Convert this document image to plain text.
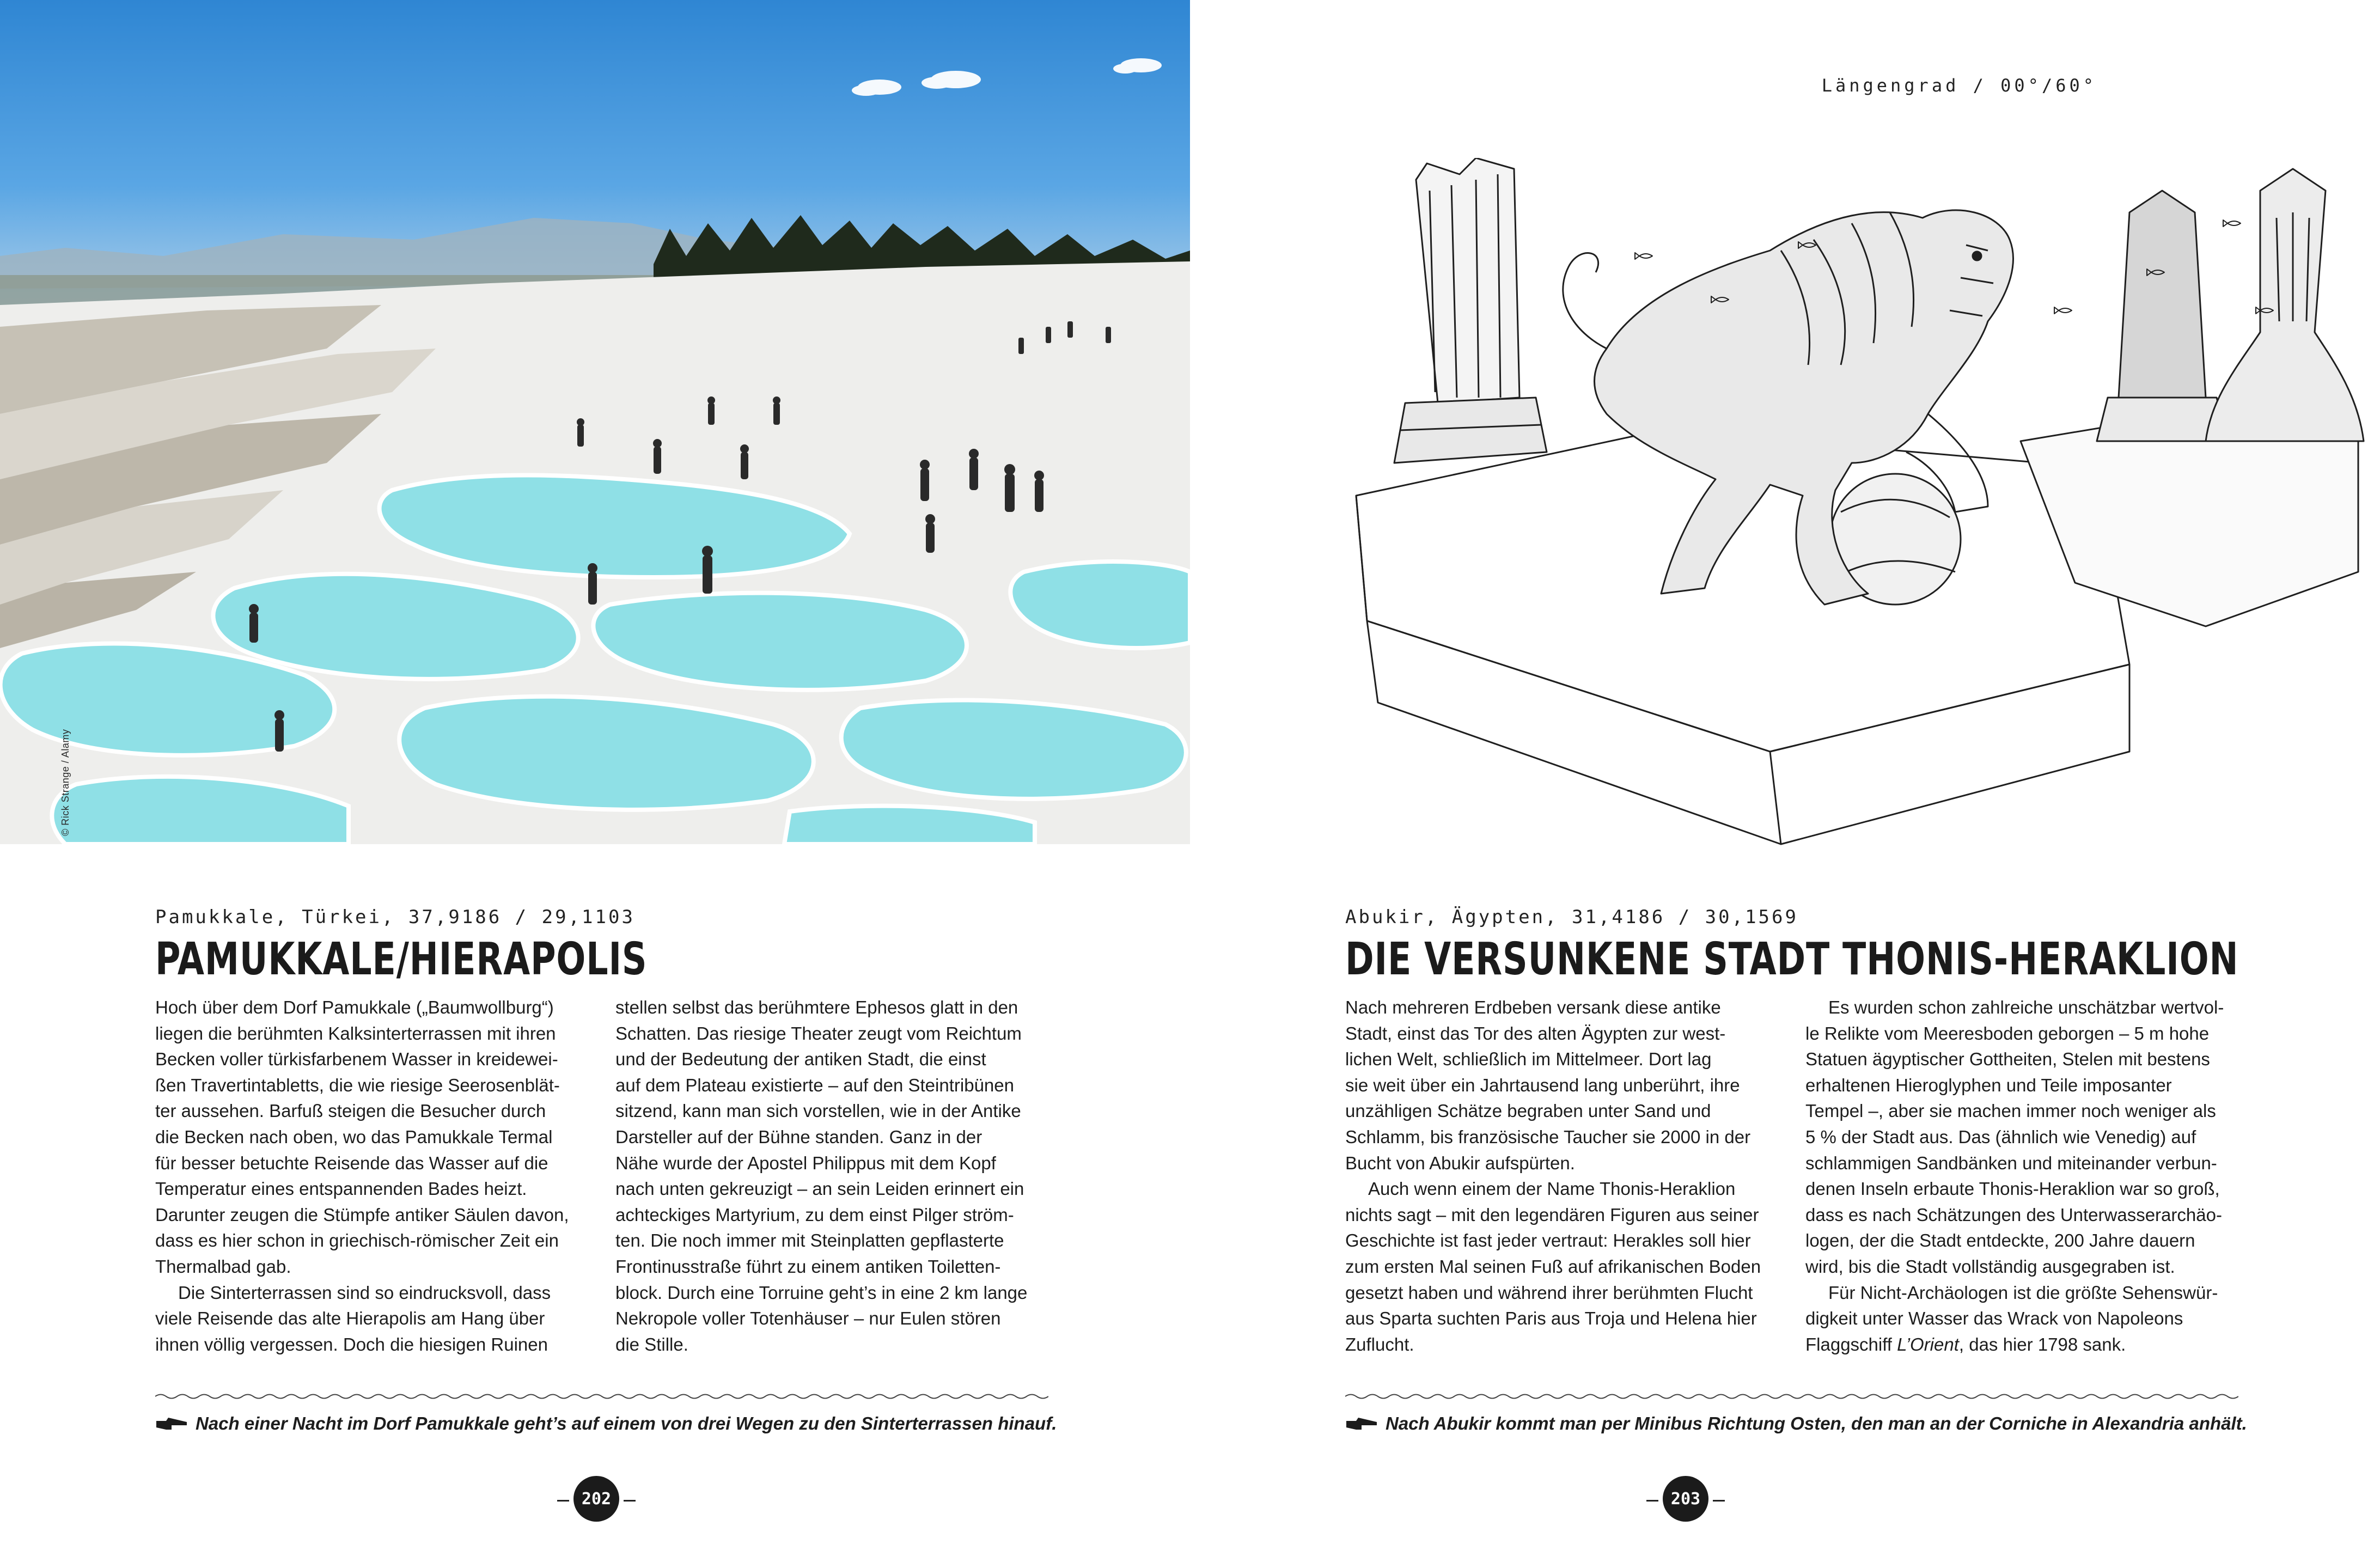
© Rick Strange / Alamy
Pamukkale, Türkei, 37,9186 / 29,1103
PAMUKKALE/HIERAPOLIS
Hoch über dem Dorf Pamukkale („Baumwollburg“)
liegen die berühmten Kalksinterterrassen mit ihren
Becken voller türkisfarbenem Wasser in kreidewei-
ßen Travertintabletts, die wie riesige Seerosenblät-
ter aussehen. Barfuß steigen die Besucher durch
die Becken nach oben, wo das Pamukkale Termal
für besser betuchte Reisende das Wasser auf die
Temperatur eines entspannenden Bades heizt.
Darunter zeugen die Stümpfe antiker Säulen davon,
dass es hier schon in griechisch-römischer Zeit ein
Thermalbad gab.
Die Sinterterrassen sind so eindrucksvoll, dass
viele Reisende das alte Hierapolis am Hang über
ihnen völlig vergessen. Doch die hiesigen Ruinen
stellen selbst das berühmtere Ephesos glatt in den
Schatten. Das riesige Theater zeugt vom Reichtum
und der Bedeutung der antiken Stadt, die einst
auf dem Plateau existierte – auf den Steintribünen
sitzend, kann man sich vorstellen, wie in der Antike
Darsteller auf der Bühne standen. Ganz in der
Nähe wurde der Apostel Philippus mit dem Kopf
nach unten gekreuzigt – an sein Leiden erinnert ein
achteckiges Martyrium, zu dem einst Pilger ström-
ten. Die noch immer mit Steinplatten gepflasterte
Frontinusstraße führt zu einem antiken Toiletten-
block. Durch eine Torruine geht’s in eine 2 km lange
Nekropole voller Totenhäuser – nur Eulen stören
die Stille.
Nach einer Nacht im Dorf Pamukkale geht’s auf einem von drei Wegen zu den Sinterterrassen hinauf.
202
Längengrad / 00°/60°
Abukir, Ägypten, 31,4186 / 30,1569
DIE VERSUNKENE STADT THONIS-HERAKLION
Nach mehreren Erdbeben versank diese antike
Stadt, einst das Tor des alten Ägypten zur west-
lichen Welt, schließlich im Mittelmeer. Dort lag
sie weit über ein Jahrtausend lang unberührt, ihre
unzähligen Schätze begraben unter Sand und
Schlamm, bis französische Taucher sie 2000 in der
Bucht von Abukir aufspürten.
Auch wenn einem der Name Thonis-Heraklion
nichts sagt – mit den legendären Figuren aus seiner
Geschichte ist fast jeder vertraut: Herakles soll hier
zum ersten Mal seinen Fuß auf afrikanischen Boden
gesetzt haben und während ihrer berühmten Flucht
aus Sparta suchten Paris aus Troja und Helena hier
Zuflucht.
Es wurden schon zahlreiche unschätzbar wertvol-
le Relikte vom Meeresboden geborgen – 5 m hohe
Statuen ägyptischer Gottheiten, Stelen mit bestens
erhaltenen Hieroglyphen und Teile imposanter
Tempel –, aber sie machen immer noch weniger als
5 % der Stadt aus. Das (ähnlich wie Venedig) auf
schlammigen Sandbänken und miteinander verbun-
denen Inseln erbaute Thonis-Heraklion war so groß,
dass es nach Schätzungen des Unterwasserarchäo-
logen, der die Stadt entdeckte, 200 Jahre dauern
wird, bis die Stadt vollständig ausgegraben ist.
Für Nicht-Archäologen ist die größte Sehenswür-
digkeit unter Wasser das Wrack von Napoleons
Flaggschiff L’Orient, das hier 1798 sank.
Nach Abukir kommt man per Minibus Richtung Osten, den man an der Corniche in Alexandria anhält.
203
